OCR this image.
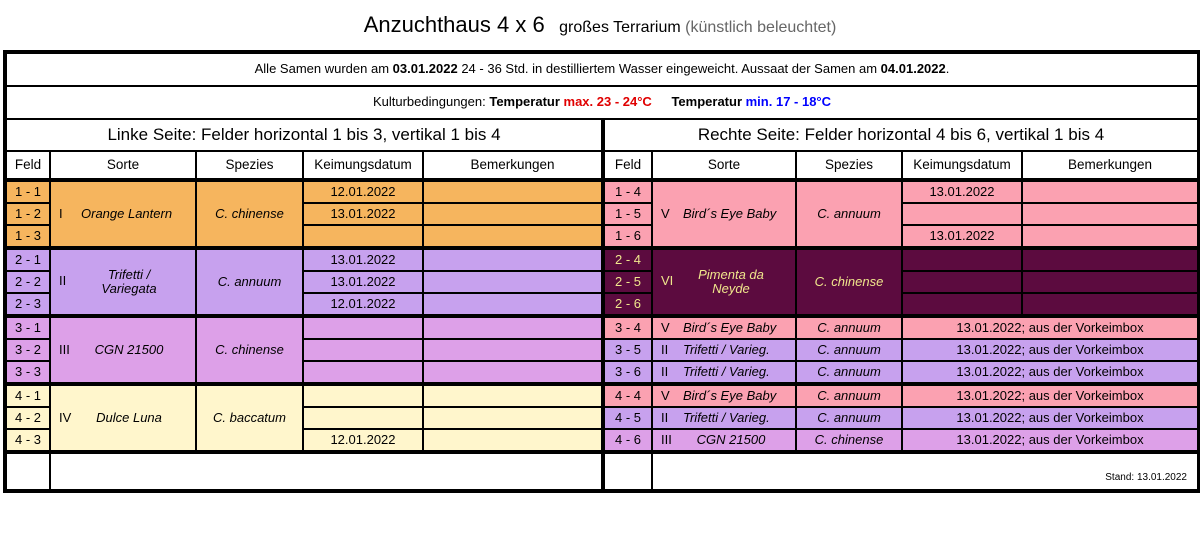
Anzuchthaus 4 x 6 großes Terrarium (künstlich beleuchtet)
Alle Samen wurden am 03.01.2022 24 - 36 Std. in destilliertem Wasser eingeweicht. Aussaat der Samen am 04.01.2022.									
Kulturbedingungen: Temperatur max. 23 - 24°C Temperatur min. 17 - 18°C									
Linke Seite: Felder horizontal 1 bis 3, vertikal 1 bis 4					Rechte Seite: Felder horizontal 4 bis 6, vertikal 1 bis 4				
Feld	Sorte	Spezies	Keimungsdatum	Bemerkungen	Feld	Sorte	Spezies	Keimungsdatum	Bemerkungen
1 - 1	I Orange Lantern	C. chinense	12.01.2022		1 - 4	V Bird´s Eye Baby	C. annuum	13.01.2022	
1 - 2			13.01.2022		1 - 5				
1 - 3					1 - 6			13.01.2022	
2 - 1	II Trifetti / Variegata	C. annuum	13.01.2022		2 - 4	VI Pimenta da Neyde	C. chinense		
2 - 2			13.01.2022		2 - 5				
2 - 3			12.01.2022		2 - 6				
3 - 1	III CGN 21500	C. chinense			3 - 4	V Bird´s Eye Baby	C. annuum	13.01.2022; aus der Vorkeimbox	
3 - 2					3 - 5	II Trifetti / Varieg.	C. annuum	13.01.2022; aus der Vorkeimbox	
3 - 3					3 - 6	II Trifetti / Varieg.	C. annuum	13.01.2022; aus der Vorkeimbox	
4 - 1	IV Dulce Luna	C. baccatum			4 - 4	V Bird´s Eye Baby	C. annuum	13.01.2022; aus der Vorkeimbox	
4 - 2					4 - 5	II Trifetti / Varieg.	C. annuum	13.01.2022; aus der Vorkeimbox	
4 - 3			12.01.2022		4 - 6	III CGN 21500	C. chinense	13.01.2022; aus der Vorkeimbox	
						Stand: 13.01.2022			
